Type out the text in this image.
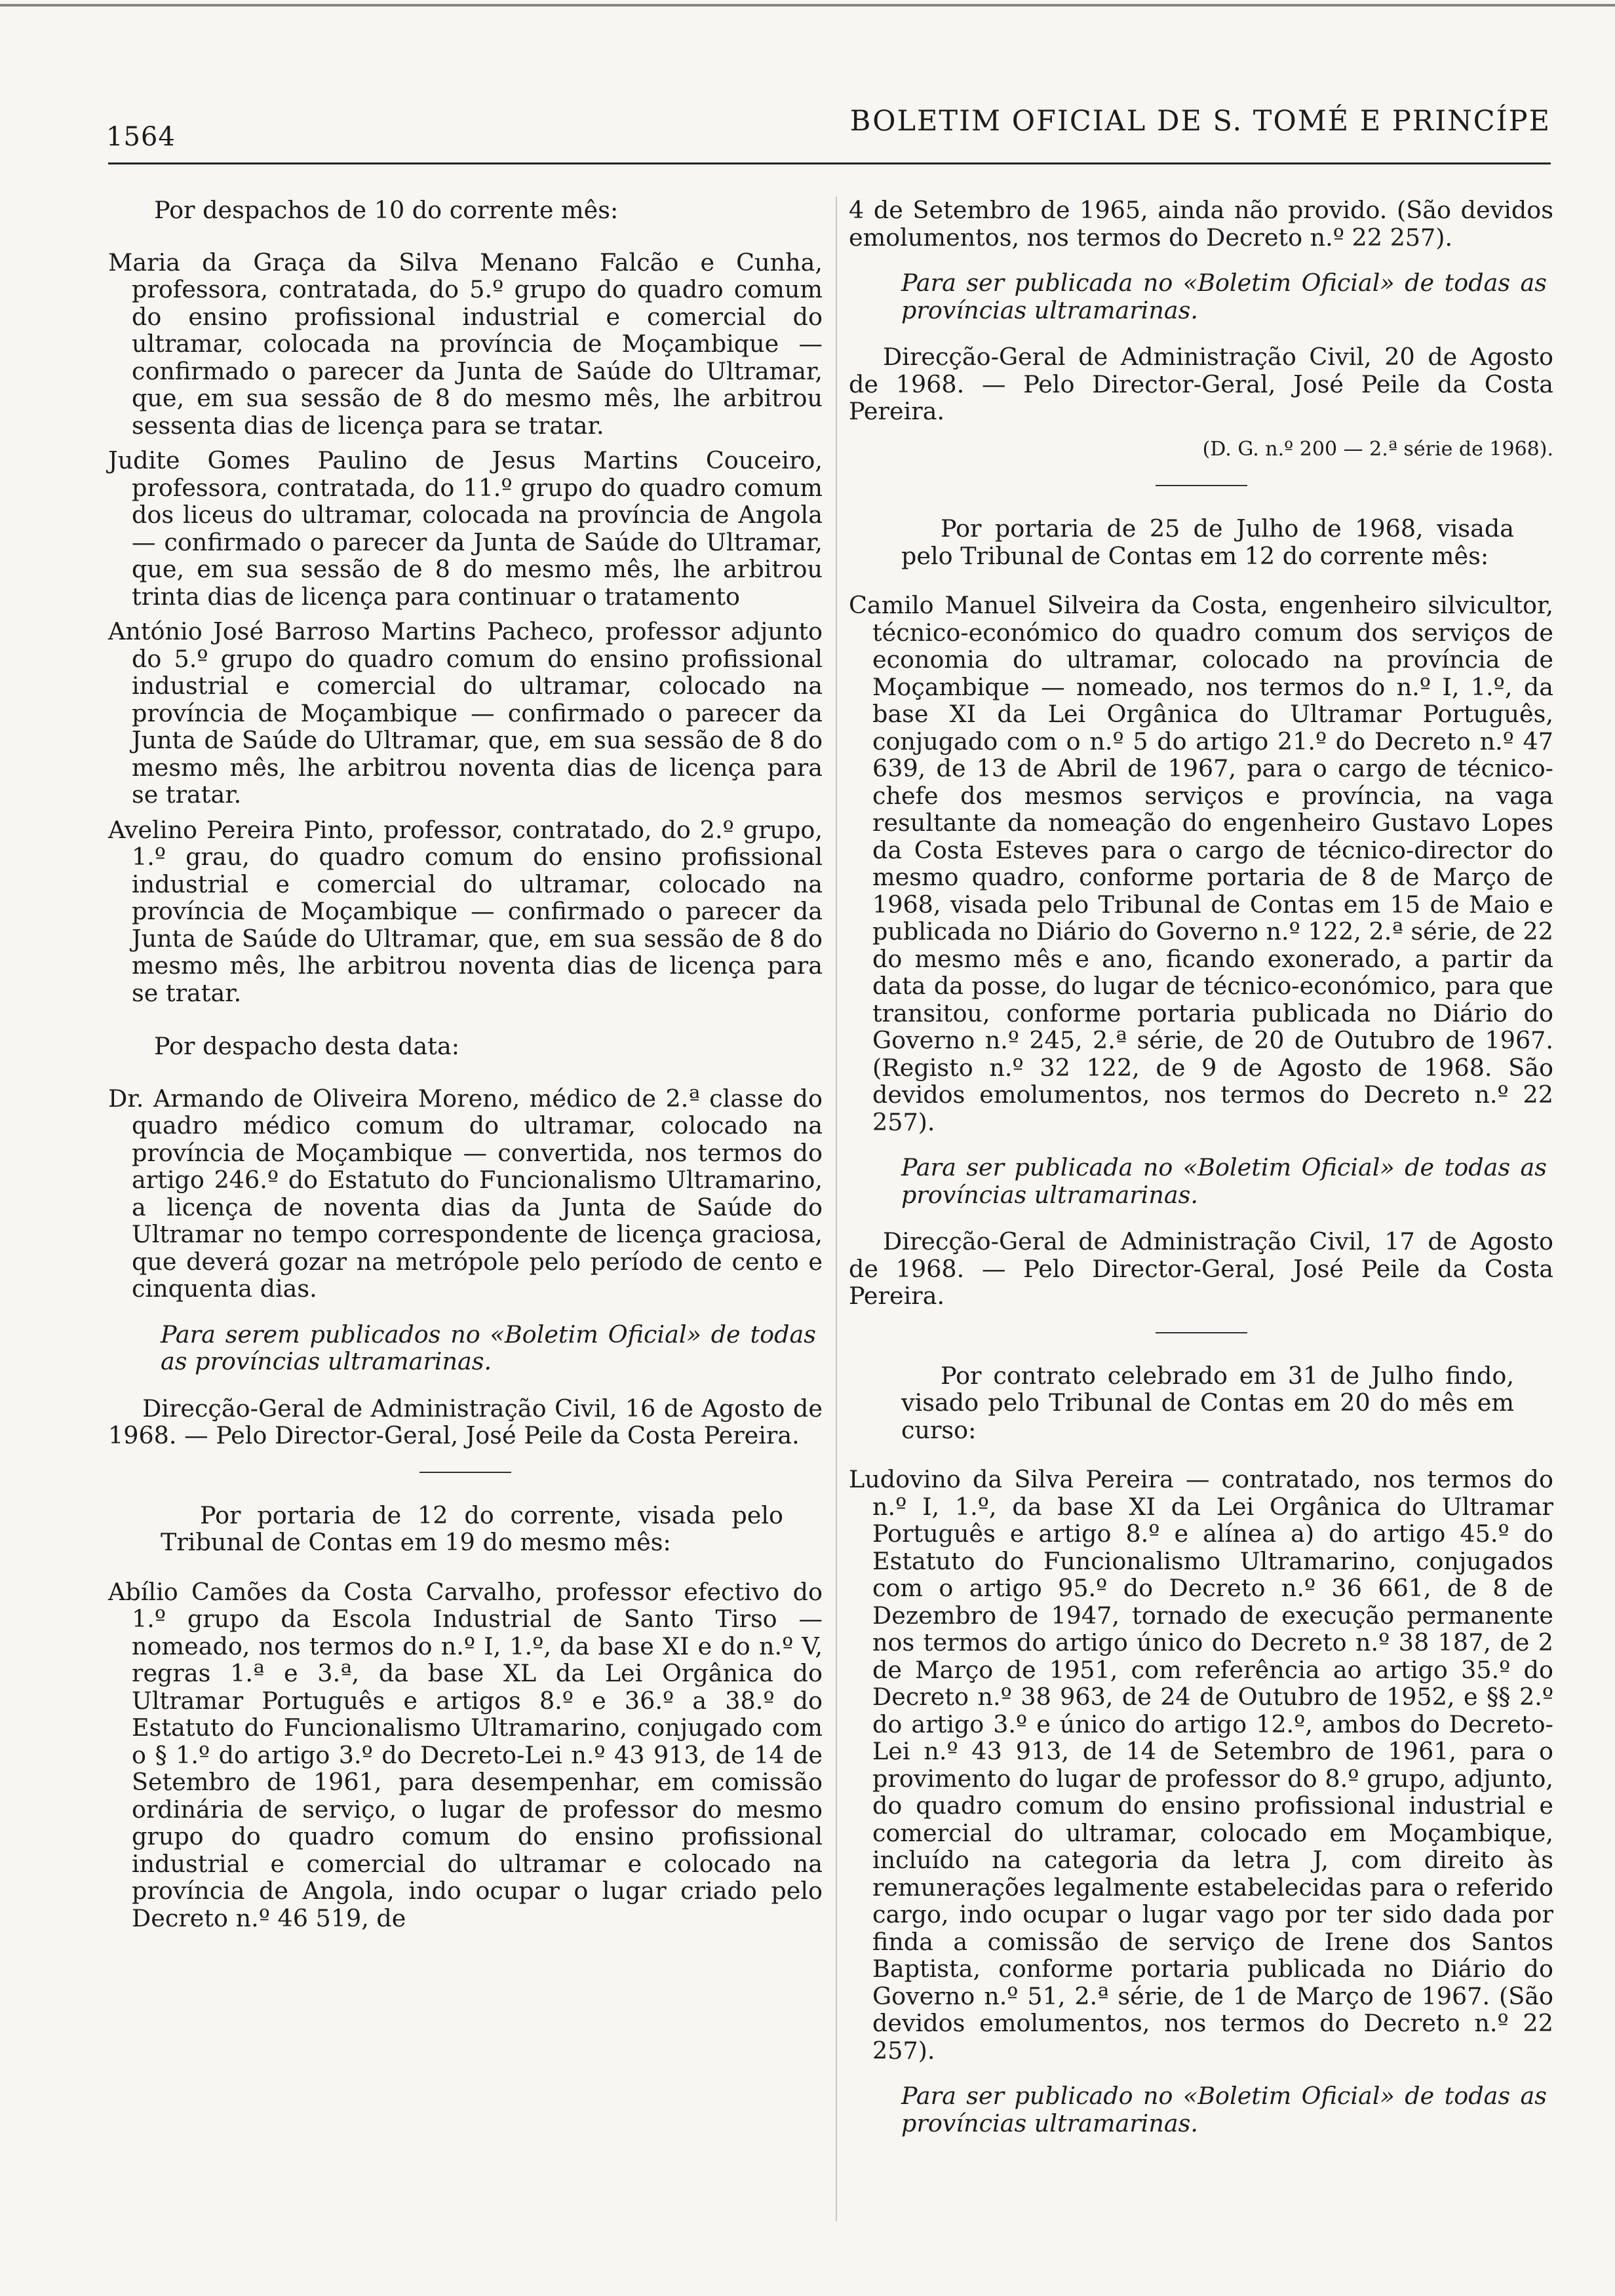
1564	BOLETIM OFICIAL DE S. TOMÉ E PRINCÍPE

Por despachos de 10 do corrente mês:

Maria da Graça da Silva Menano Falcão e Cunha, professora, contratada, do 5.º grupo do quadro comum do ensino profissional industrial e comercial do ultramar, colocada na província de Moçambique — confirmado o parecer da Junta de Saúde do Ultramar, que, em sua sessão de 8 do mesmo mês, lhe arbitrou sessenta dias de licença para se tratar.

Judite Gomes Paulino de Jesus Martins Couceiro, professora, contratada, do 11.º grupo do quadro comum dos liceus do ultramar, colocada na província de Angola — confirmado o parecer da Junta de Saúde do Ultramar, que, em sua sessão de 8 do mesmo mês, lhe arbitrou trinta dias de licença para continuar o tratamento

António José Barroso Martins Pacheco, professor adjunto do 5.º grupo do quadro comum do ensino profissional industrial e comercial do ultramar, colocado na província de Moçambique — confirmado o parecer da Junta de Saúde do Ultramar, que, em sua sessão de 8 do mesmo mês, lhe arbitrou noventa dias de licença para se tratar.

Avelino Pereira Pinto, professor, contratado, do 2.º grupo, 1.º grau, do quadro comum do ensino profissional industrial e comercial do ultramar, colocado na província de Moçambique — confirmado o parecer da Junta de Saúde do Ultramar, que, em sua sessão de 8 do mesmo mês, lhe arbitrou noventa dias de licença para se tratar.

Por despacho desta data:

Dr. Armando de Oliveira Moreno, médico de 2.ª classe do quadro médico comum do ultramar, colocado na província de Moçambique — convertida, nos termos do artigo 246.º do Estatuto do Funcionalismo Ultramarino, a licença de noventa dias da Junta de Saúde do Ultramar no tempo correspondente de licença graciosa, que deverá gozar na metrópole pelo período de cento e cinquenta dias.

Para serem publicados no «Boletim Oficial» de todas as províncias ultramarinas.

Direcção-Geral de Administração Civil, 16 de Agosto de 1968. — Pelo Director-Geral, José Peile da Costa Pereira.

Por portaria de 12 do corrente, visada pelo Tribunal de Contas em 19 do mesmo mês:

Abílio Camões da Costa Carvalho, professor efectivo do 1.º grupo da Escola Industrial de Santo Tirso — nomeado, nos termos do n.º I, 1.º, da base XI e do n.º V, regras 1.ª e 3.ª, da base XL da Lei Orgânica do Ultramar Português e artigos 8.º e 36.º a 38.º do Estatuto do Funcionalismo Ultramarino, conjugado com o § 1.º do artigo 3.º do Decreto-Lei n.º 43 913, de 14 de Setembro de 1961, para desempenhar, em comissão ordinária de serviço, o lugar de professor do mesmo grupo do quadro comum do ensino profissional industrial e comercial do ultramar e colocado na província de Angola, indo ocupar o lugar criado pelo Decreto n.º 46 519, de

4 de Setembro de 1965, ainda não provido. (São devidos emolumentos, nos termos do Decreto n.º 22 257).

Para ser publicada no «Boletim Oficial» de todas as províncias ultramarinas.

Direcção-Geral de Administração Civil, 20 de Agosto de 1968. — Pelo Director-Geral, José Peile da Costa Pereira.

(D. G. n.º 200 — 2.ª série de 1968).

Por portaria de 25 de Julho de 1968, visada pelo Tribunal de Contas em 12 do corrente mês:

Camilo Manuel Silveira da Costa, engenheiro silvicultor, técnico-económico do quadro comum dos serviços de economia do ultramar, colocado na província de Moçambique — nomeado, nos termos do n.º I, 1.º, da base XI da Lei Orgânica do Ultramar Português, conjugado com o n.º 5 do artigo 21.º do Decreto n.º 47 639, de 13 de Abril de 1967, para o cargo de técnico-chefe dos mesmos serviços e província, na vaga resultante da nomeação do engenheiro Gustavo Lopes da Costa Esteves para o cargo de técnico-director do mesmo quadro, conforme portaria de 8 de Março de 1968, visada pelo Tribunal de Contas em 15 de Maio e publicada no Diário do Governo n.º 122, 2.ª série, de 22 do mesmo mês e ano, ficando exonerado, a partir da data da posse, do lugar de técnico-económico, para que transitou, conforme portaria publicada no Diário do Governo n.º 245, 2.ª série, de 20 de Outubro de 1967. (Registo n.º 32 122, de 9 de Agosto de 1968. São devidos emolumentos, nos termos do Decreto n.º 22 257).

Para ser publicada no «Boletim Oficial» de todas as províncias ultramarinas.

Direcção-Geral de Administração Civil, 17 de Agosto de 1968. — Pelo Director-Geral, José Peile da Costa Pereira.

Por contrato celebrado em 31 de Julho findo, visado pelo Tribunal de Contas em 20 do mês em curso:

Ludovino da Silva Pereira — contratado, nos termos do n.º I, 1.º, da base XI da Lei Orgânica do Ultramar Português e artigo 8.º e alínea a) do artigo 45.º do Estatuto do Funcionalismo Ultramarino, conjugados com o artigo 95.º do Decreto n.º 36 661, de 8 de Dezembro de 1947, tornado de execução permanente nos termos do artigo único do Decreto n.º 38 187, de 2 de Março de 1951, com referência ao artigo 35.º do Decreto n.º 38 963, de 24 de Outubro de 1952, e §§ 2.º do artigo 3.º e único do artigo 12.º, ambos do Decreto-Lei n.º 43 913, de 14 de Setembro de 1961, para o provimento do lugar de professor do 8.º grupo, adjunto, do quadro comum do ensino profissional industrial e comercial do ultramar, colocado em Moçambique, incluído na categoria da letra J, com direito às remunerações legalmente estabelecidas para o referido cargo, indo ocupar o lugar vago por ter sido dada por finda a comissão de serviço de Irene dos Santos Baptista, conforme portaria publicada no Diário do Governo n.º 51, 2.ª série, de 1 de Março de 1967. (São devidos emolumentos, nos termos do Decreto n.º 22 257).

Para ser publicado no «Boletim Oficial» de todas as províncias ultramarinas.
